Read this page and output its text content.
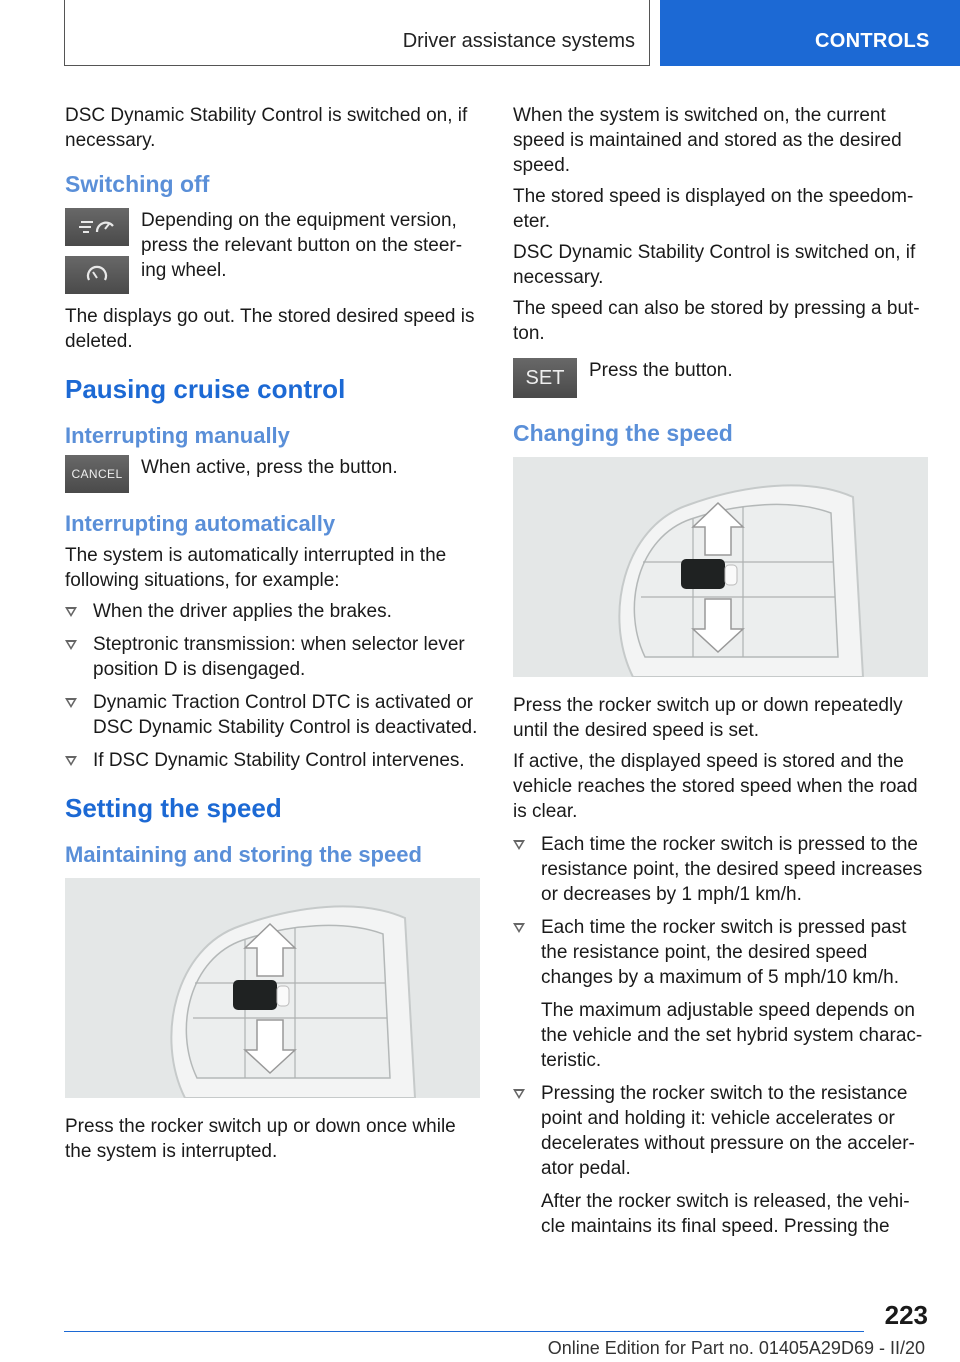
Driver assistance systems	CONTROLS

DSC Dynamic Stability Control is switched on, if necessary.

Switching off

Depending on the equipment version, press the relevant button on the steer-ing wheel.

The displays go out. The stored desired speed is deleted.

Pausing cruise control
Interrupting manually
CANCEL When active, press the button.

Interrupting automatically

The system is automatically interrupted in the following situations, for example:

When the driver applies the brakes.
Steptronic transmission: when selector lever position D is disengaged.
Dynamic Traction Control DTC is activated or DSC Dynamic Stability Control is deactivated.
If DSC Dynamic Stability Control intervenes.
Setting the speed
Maintaining and storing the speed

Press the rocker switch up or down once while the system is interrupted.

When the system is switched on, the current speed is maintained and stored as the desired speed.

The stored speed is displayed on the speedom-eter.

DSC Dynamic Stability Control is switched on, if necessary.

The speed can also be stored by pressing a but-ton.

SET	Press the button.

Changing the speed

Press the rocker switch up or down repeatedly until the desired speed is set.

If active, the displayed speed is stored and the vehicle reaches the stored speed when the road is clear.

Each time the rocker switch is pressed to the resistance point, the desired speed increases or decreases by 1 mph/1 km/h.
Each time the rocker switch is pressed past the resistance point, the desired speed changes by a maximum of 5 mph/10 km/h.
The maximum adjustable speed depends on the vehicle and the set hybrid system charac-teristic.
Pressing the rocker switch to the resistance point and holding it: vehicle accelerates or decelerates without pressure on the acceler-ator pedal.
After the rocker switch is released, the vehi-cle maintains its final speed. Pressing the
223
Online Edition for Part no. 01405A29D69 - II/20
